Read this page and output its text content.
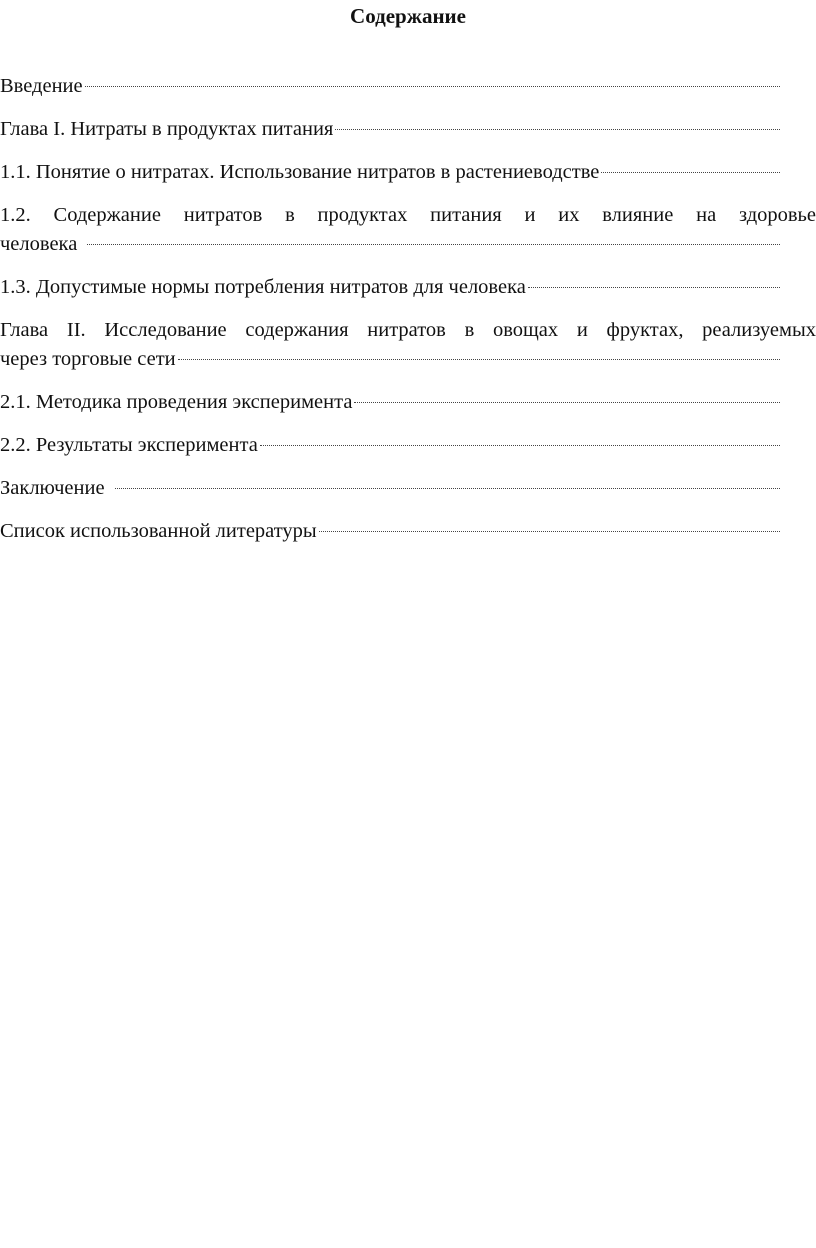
Содержание
Введение
Глава I. Нитраты в продуктах питания
1.1. Понятие о нитратах. Использование нитратов в растениеводстве
1.2. Содержание нитратов в продуктах питания и их влияние на здоровье
человека
1.3. Допустимые нормы потребления нитратов для человека
Глава II. Исследование содержания нитратов в овощах и фруктах, реализуемых
через торговые сети
2.1. Методика проведения эксперимента
2.2. Результаты эксперимента
Заключение
Список использованной литературы
